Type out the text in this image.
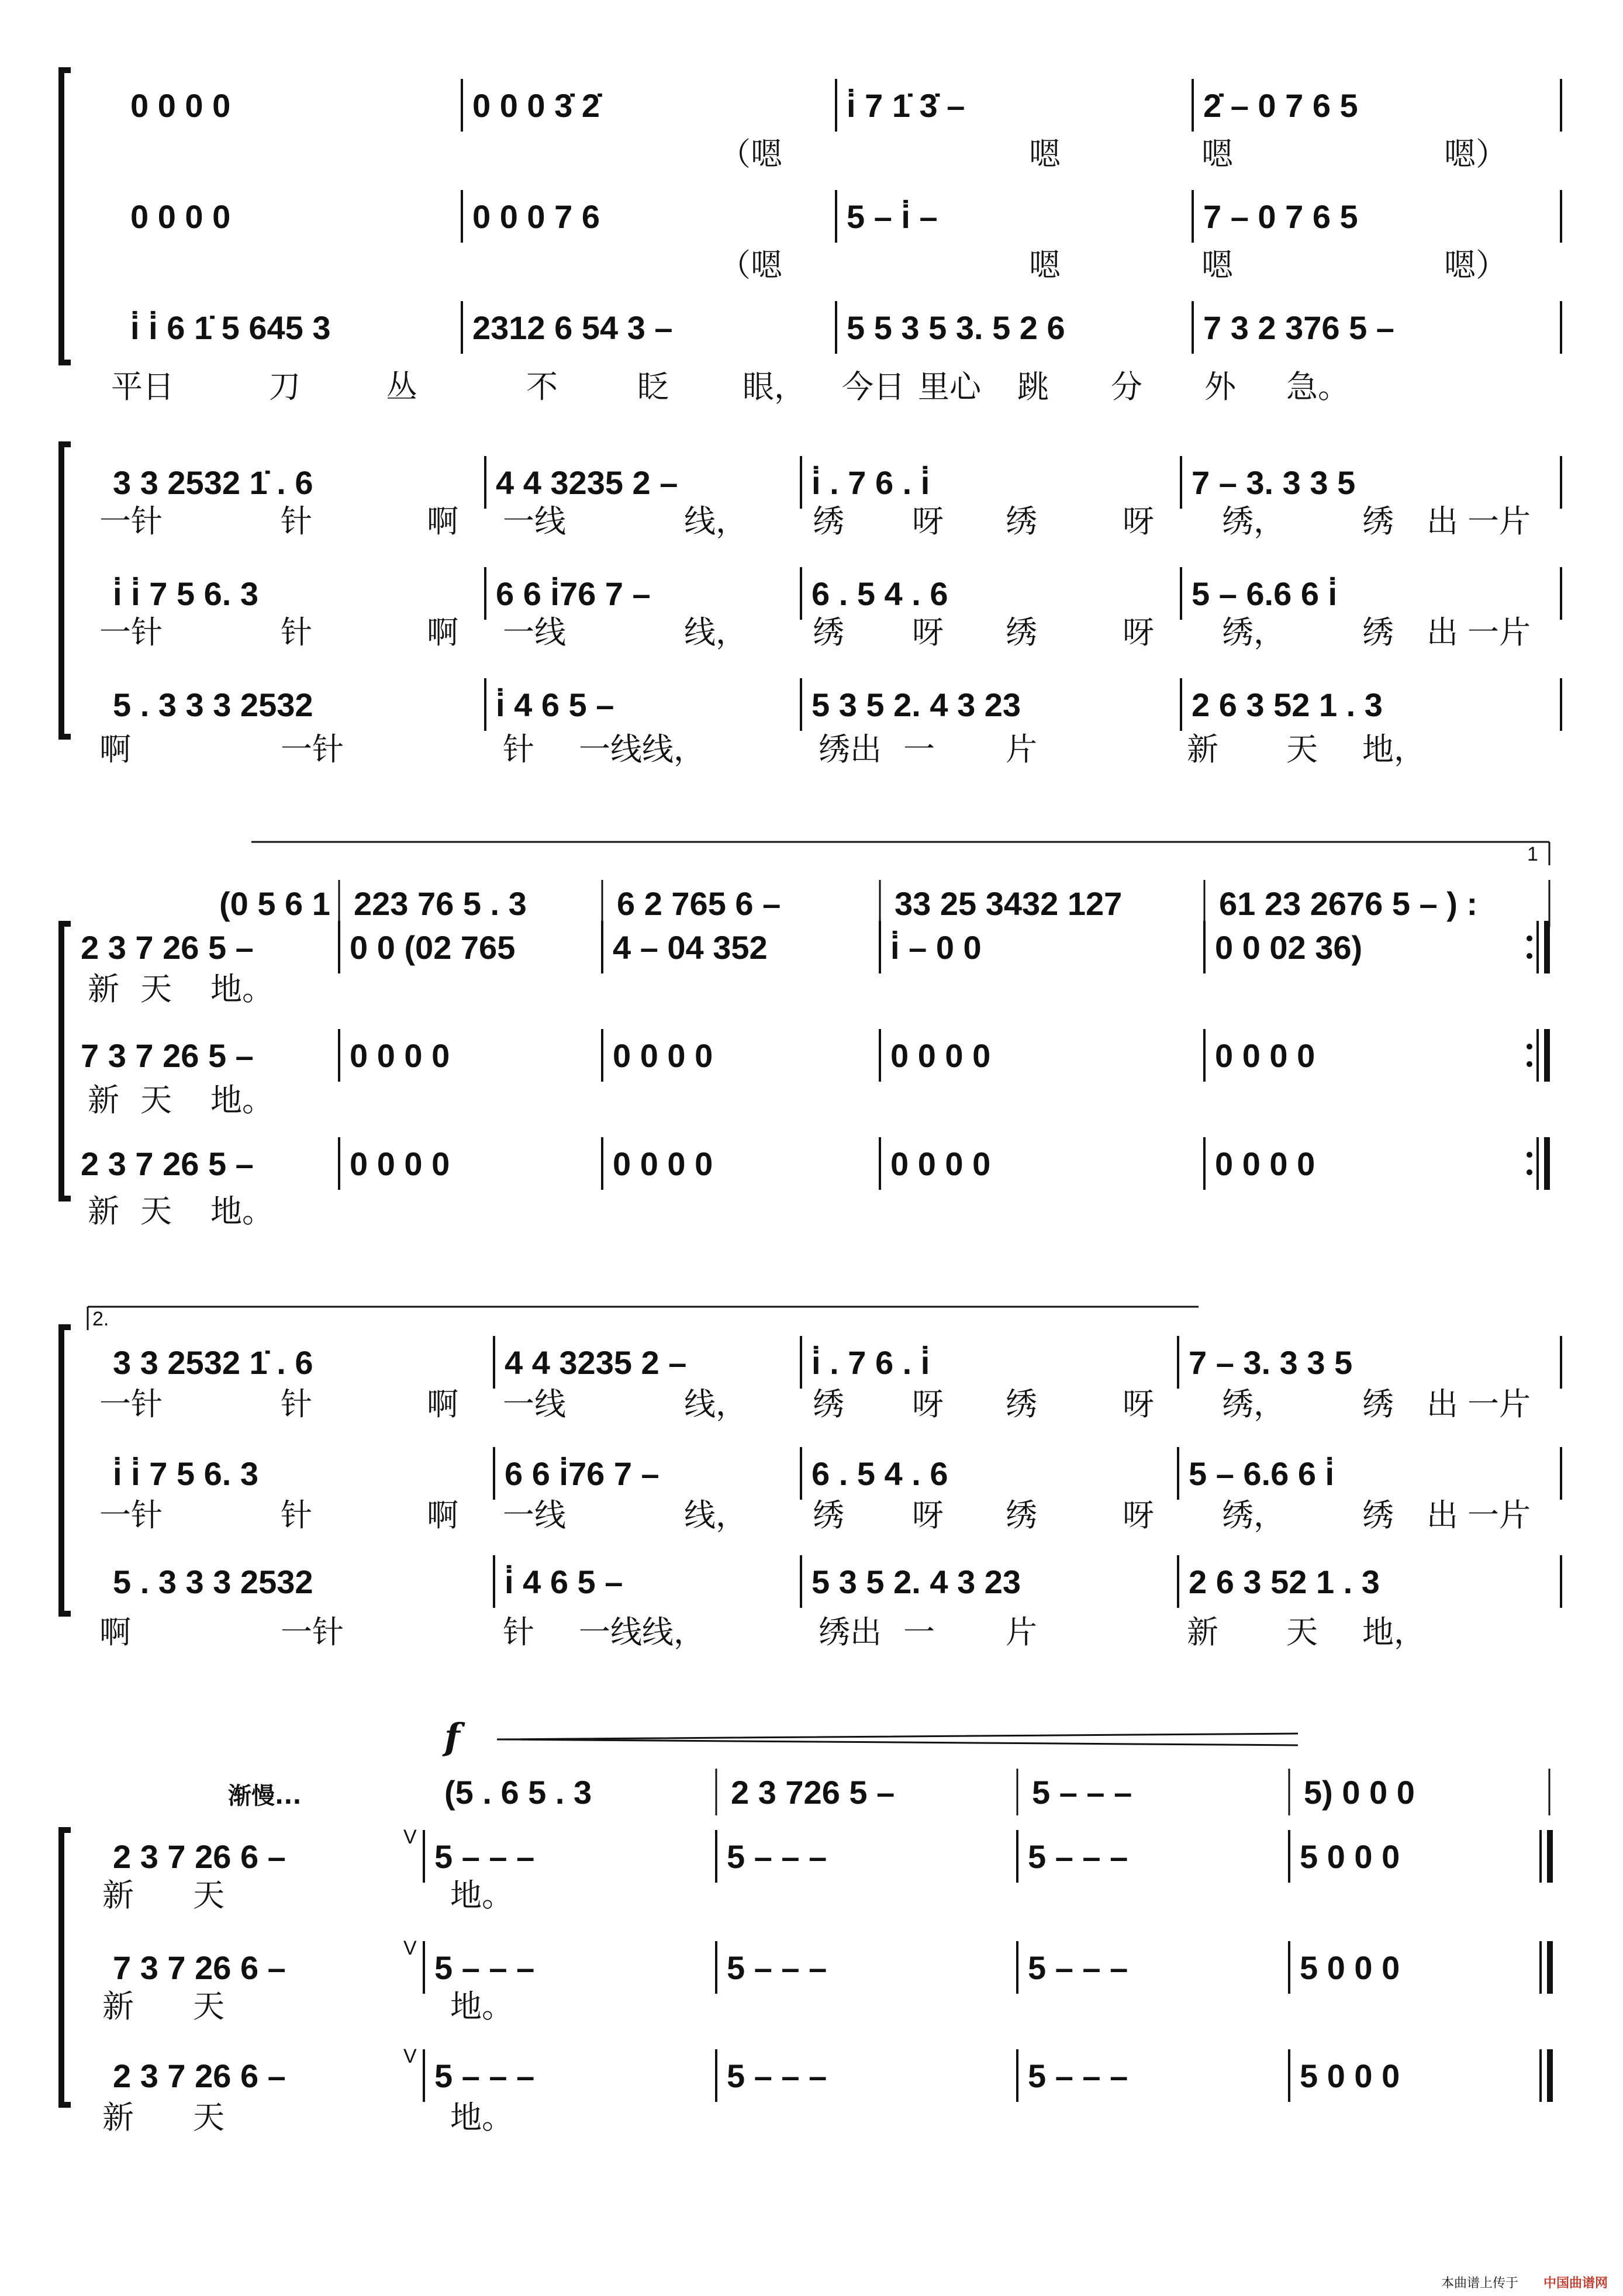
0 0 0 0	0 0 0 3̇ 2̇	i̇ 7 1̇ 3̇ –	2̇ – 0 7 6 5
（嗯	嗯	嗯	嗯）
0 0 0 0	0 0 0 7 6	5 – i̇ –	7 – 0 7 6 5
（嗯	嗯	嗯	嗯）
i̇ i̇ 6 1̇ 5 645 3	2312 6 54 3 –	5 5 3 5 3. 5 2 6	7 3 2 376 5 –
平日	刀	丛	不	眨 眼， 今日 里心 跳 分 外 急。
3 3 2532 1̇ . 6	4 4 3235 2 –	i̇ . 7 6 . i̇	7 – 3. 3 3 5
一针	针	啊 一线	线， 绣 呀 绣	呀 绣， 绣 出 一片
i̇ i̇ 7 5 6. 3	6 6 i̇76 7 –	6 . 5 4 . 6	5 – 6.6 6 i̇
一针	针	啊 一线	线， 绣 呀 绣	呀 绣， 绣 出 一片
5 . 3 3 3 2532	i̇ 4 6 5 –	5 3 5 2. 4 3 23	2 6 3 52 1 . 3
啊	一针	针 一线线，	绣出 一 片	新 天 地，
1
(0 5 6 1 223 76 5 . 3	6 2 765 6 –	33 25 3432 127	61 23 2676 5 – ) :
2 3 7 26 5 –	0 0 (02 765	4 – 04 352	i̇ – 0 0	0 0 02 36)
新 天 地。
7 3 7 26 5 –	0 0 0 0	0 0 0 0	0 0 0 0	0 0 0 0
新 天 地。
2 3 7 26 5 –	0 0 0 0	0 0 0 0	0 0 0 0	0 0 0 0
新 天 地。
2.
3 3 2532 1̇ . 6	4 4 3235 2 –	i̇ . 7 6 . i̇	7 – 3. 3 3 5
一针	针	啊 一线	线， 绣 呀 绣	呀 绣， 绣 出 一片
i̇ i̇ 7 5 6. 3	6 6 i̇76 7 –	6 . 5 4 . 6	5 – 6.6 6 i̇
一针	针	啊 一线	线， 绣 呀 绣	呀 绣， 绣 出 一片
5 . 3 3 3 2532	i̇ 4 6 5 –	5 3 5 2. 4 3 23	2 6 3 52 1 . 3
啊	一针	针 一线线，	绣出 一 片	新 天 地，
渐慢...
f
(5 . 6 5 . 3	2 3 726 5 –	5 – – –	5) 0 0 0
2 3 7 26 6 –	5 – – –	5 – – –	5 – – –	5 0 0 0
V
新 天	地。
7 3 7 26 6 –	5 – – –	5 – – –	5 – – –	5 0 0 0
V
新 天	地。
2 3 7 26 6 –	5 – – –	5 – – –	5 – – –	5 0 0 0
V
新 天	地。
本曲谱上传于 中国曲谱网
